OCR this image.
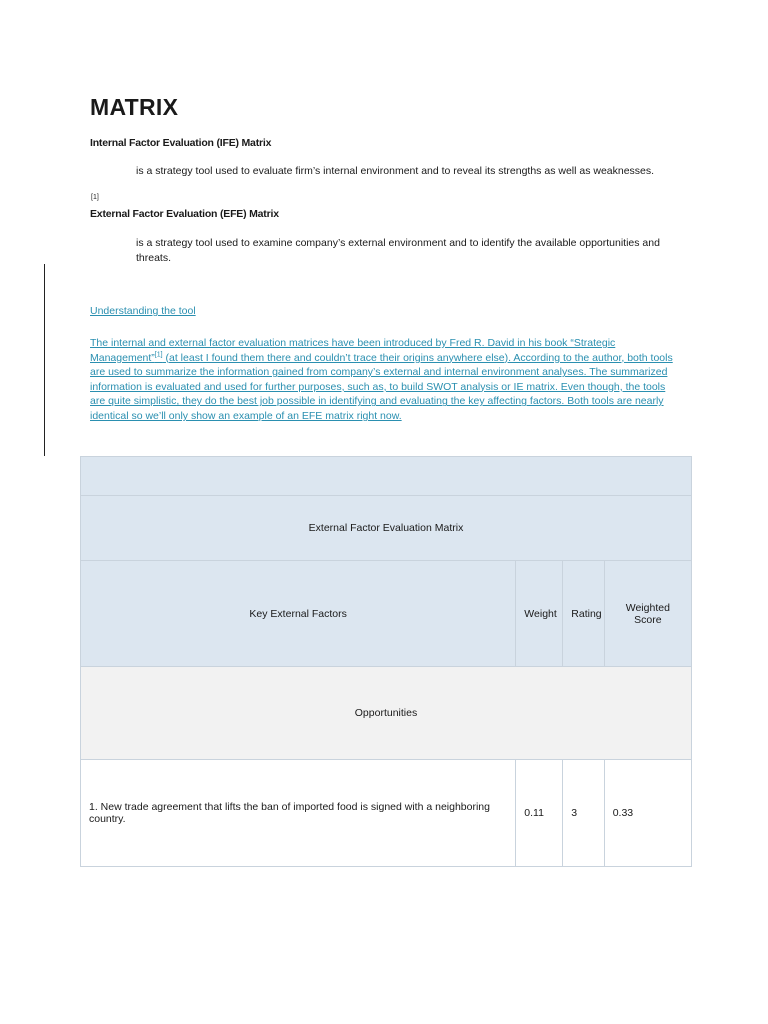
MATRIX
Internal Factor Evaluation (IFE) Matrix

is a strategy tool used to evaluate firm’s internal environment and to reveal its strengths as well as weaknesses.

[1]
External Factor Evaluation (EFE) Matrix

is a strategy tool used to examine company’s external environment and to identify the available opportunities and threats.

Understanding the tool

The internal and external factor evaluation matrices have been introduced by Fred R. David in his book “Strategic Management”[1] (at least I found them there and couldn’t trace their origins anywhere else). According to the author, both tools are used to summarize the information gained from company’s external and internal environment analyses. The summarized information is evaluated and used for further purposes, such as, to build SWOT analysis or IE matrix. Even though, the tools are quite simplistic, they do the best job possible in identifying and evaluating the key affecting factors. Both tools are nearly identical so we’ll only show an example of an EFE matrix right now.

External Factor Evaluation Matrix			
Key External Factors	Weight	Rating	Weighted Score
Opportunities			
1. New trade agreement that lifts the ban of imported food is signed with a neighboring country.	0.11	3	0.33
